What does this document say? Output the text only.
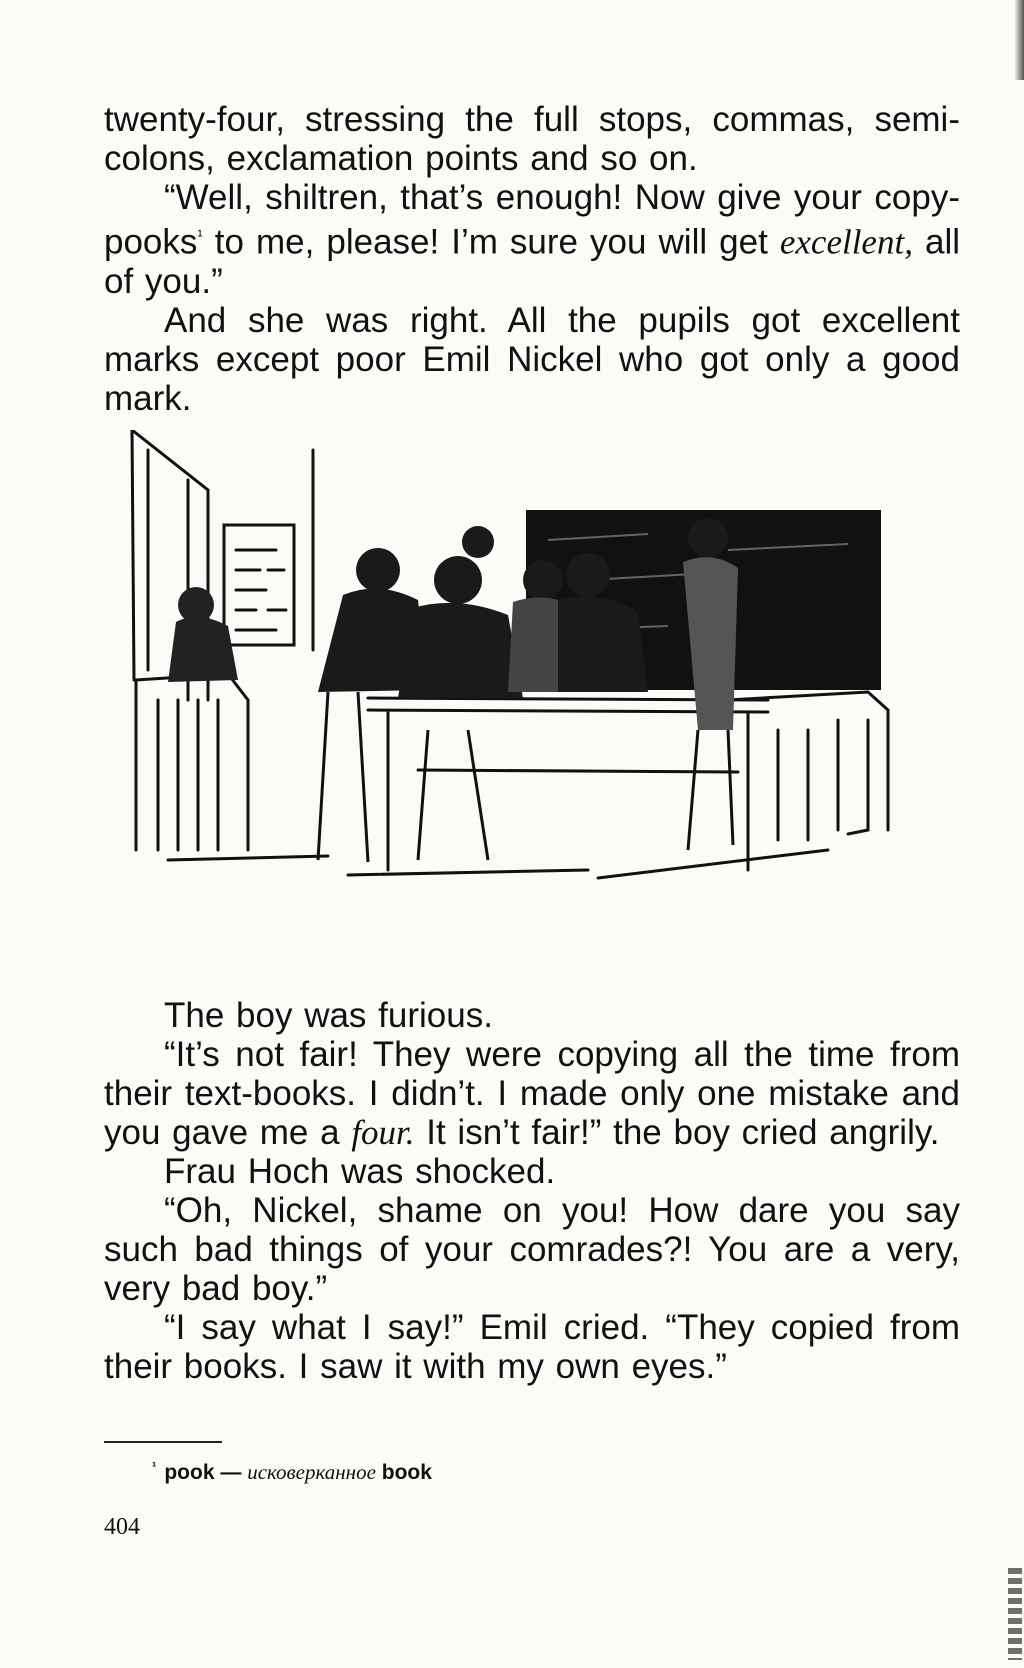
twenty-four, stressing the full stops, commas, semi-colons, exclamation points and so on.

“Well, shiltren, that’s enough! Now give your copy-pooks$^{^1}$ to me, please! I’m sure you will get excellent, all of you.”

And she was right. All the pupils got excellent marks except poor Emil Nickel who got only a good mark.

The boy was furious.

“It’s not fair! They were copying all the time from their text-books. I didn’t. I made only one mistake and you gave me a four. It isn’t fair!” the boy cried angrily.

Frau Hoch was shocked.

“Oh, Nickel, shame on you! How dare you say such bad things of your comrades?! You are a very, very bad boy.”

“I say what I say!” Emil cried. “They copied from their books. I saw it with my own eyes.”

$^{^1}$ pook — исковерканное book
404
